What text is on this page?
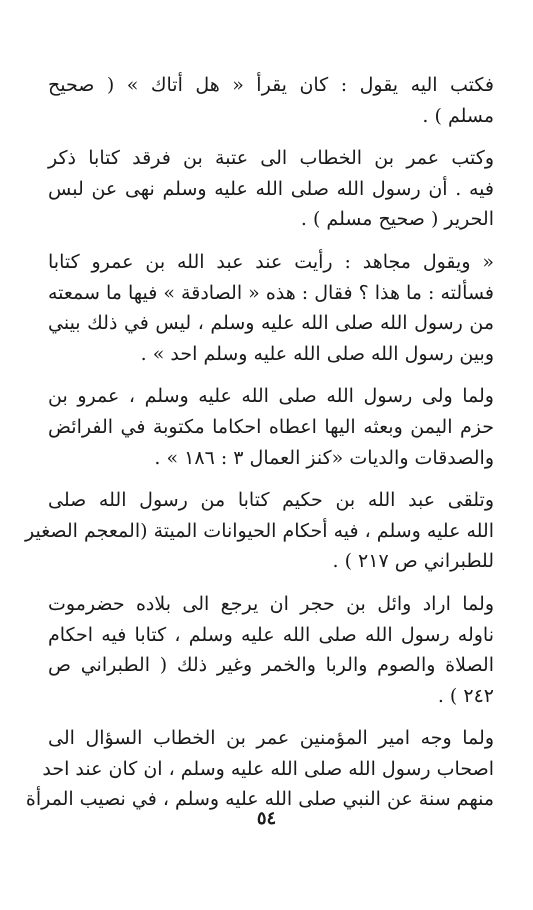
فكتب اليه يقول : كان يقرأ « هل أتاك » ( صحيح
مسلم ) .
وكتب عمر بن الخطاب الى عتبة بن فرقد كتابا ذكر
فيه . أن رسول الله صلى الله عليه وسلم نهى عن لبس
الحرير ( صحيح مسلم ) .
« ويقول مجاهد : رأيت عند عبد الله بن عمرو كتابا
فسألته : ما هذا ؟ فقال : هذه « الصادقة » فيها ما سمعته
من رسول الله صلى الله عليه وسلم ، ليس في ذلك بيني
وبين رسول الله صلى الله عليه وسلم احد » .
ولما ولى رسول الله صلى الله عليه وسلم ، عمرو بن
حزم اليمن وبعثه اليها اعطاه احكاما مكتوبة في الفرائض
والصدقات والديات «كنز العمال ٣ : ١٨٦ » .
وتلقى عبد الله بن حكيم كتابا من رسول الله صلى
الله عليه وسلم ، فيه أحكام الحيوانات الميتة (المعجم الصغير
للطبراني ص ٢١٧ ) .
ولما اراد وائل بن حجر ان يرجع الى بلاده حضرموت
ناوله رسول الله صلى الله عليه وسلم ، كتابا فيه احكام
الصلاة والصوم والربا والخمر وغير ذلك ( الطبراني ص
٢٤٢ ) .
ولما وجه امير المؤمنين عمر بن الخطاب السؤال الى
اصحاب رسول الله صلى الله عليه وسلم ، ان كان عند احد
منهم سنة عن النبي صلى الله عليه وسلم ، في نصيب المرأة
٥٤
